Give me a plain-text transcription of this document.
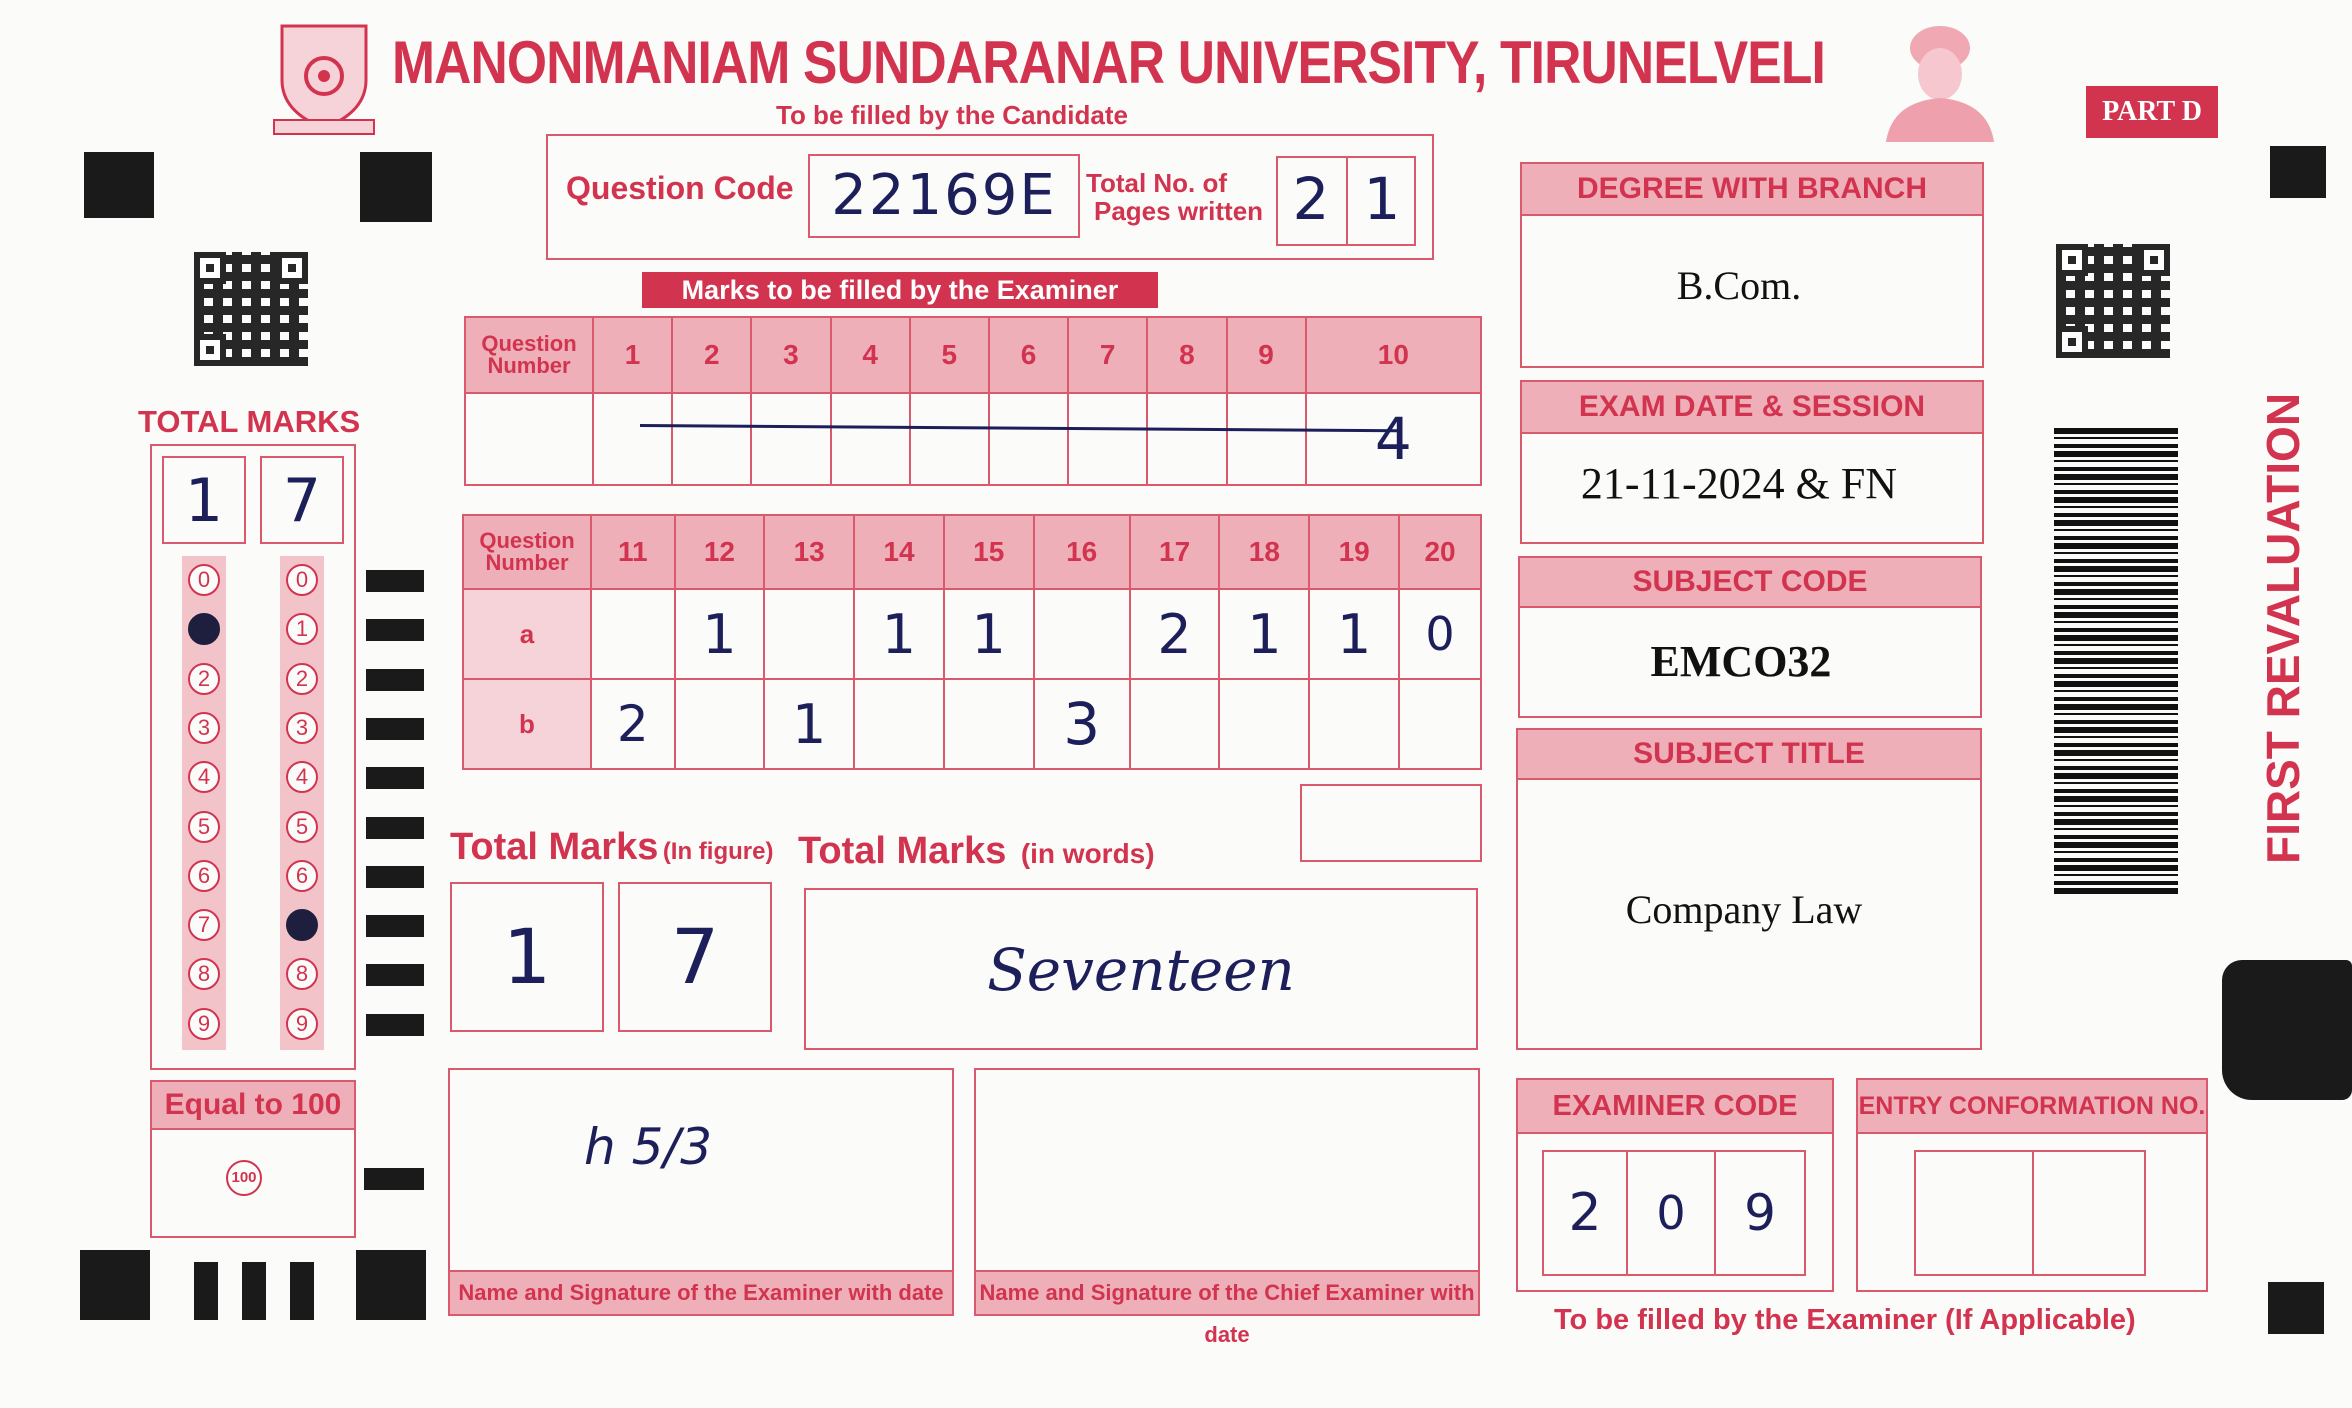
MANONMANIAM SUNDARANAR UNIVERSITY, TIRUNELVELI
To be filled by the Candidate	PART D
Question Code 22169E	Total No. of
Pages written 2 1
Marks to be filled by the Examiner
Question
Number	1	2	3	4	5	6	7	8	9	10
										4
Question
Number	11	12	13	14	15	16	17	18	19	20
a		1		1	1		2	1	1	0
b	2		1			3				
TOTAL MARKS
1 7
0
2
3
4
5
6
7
8
9
0
1
2
3
4
5
6
8
9
Equal to 100
100
Total Marks (In figure)
1	7
Total Marks (in words)
Seventeen
h 5/3
Name and Signature of the Examiner with date	Name and Signature of the Chief Examiner with date
DEGREE WITH BRANCH
B.Com.
EXAM DATE & SESSION
21-11-2024 & FN
SUBJECT CODE
EMCO32
SUBJECT TITLE
Company Law
EXAMINER CODE
2	0	9
ENTRY CONFORMATION NO.
To be filled by the Examiner (If Applicable)
FIRST REVALUATION
